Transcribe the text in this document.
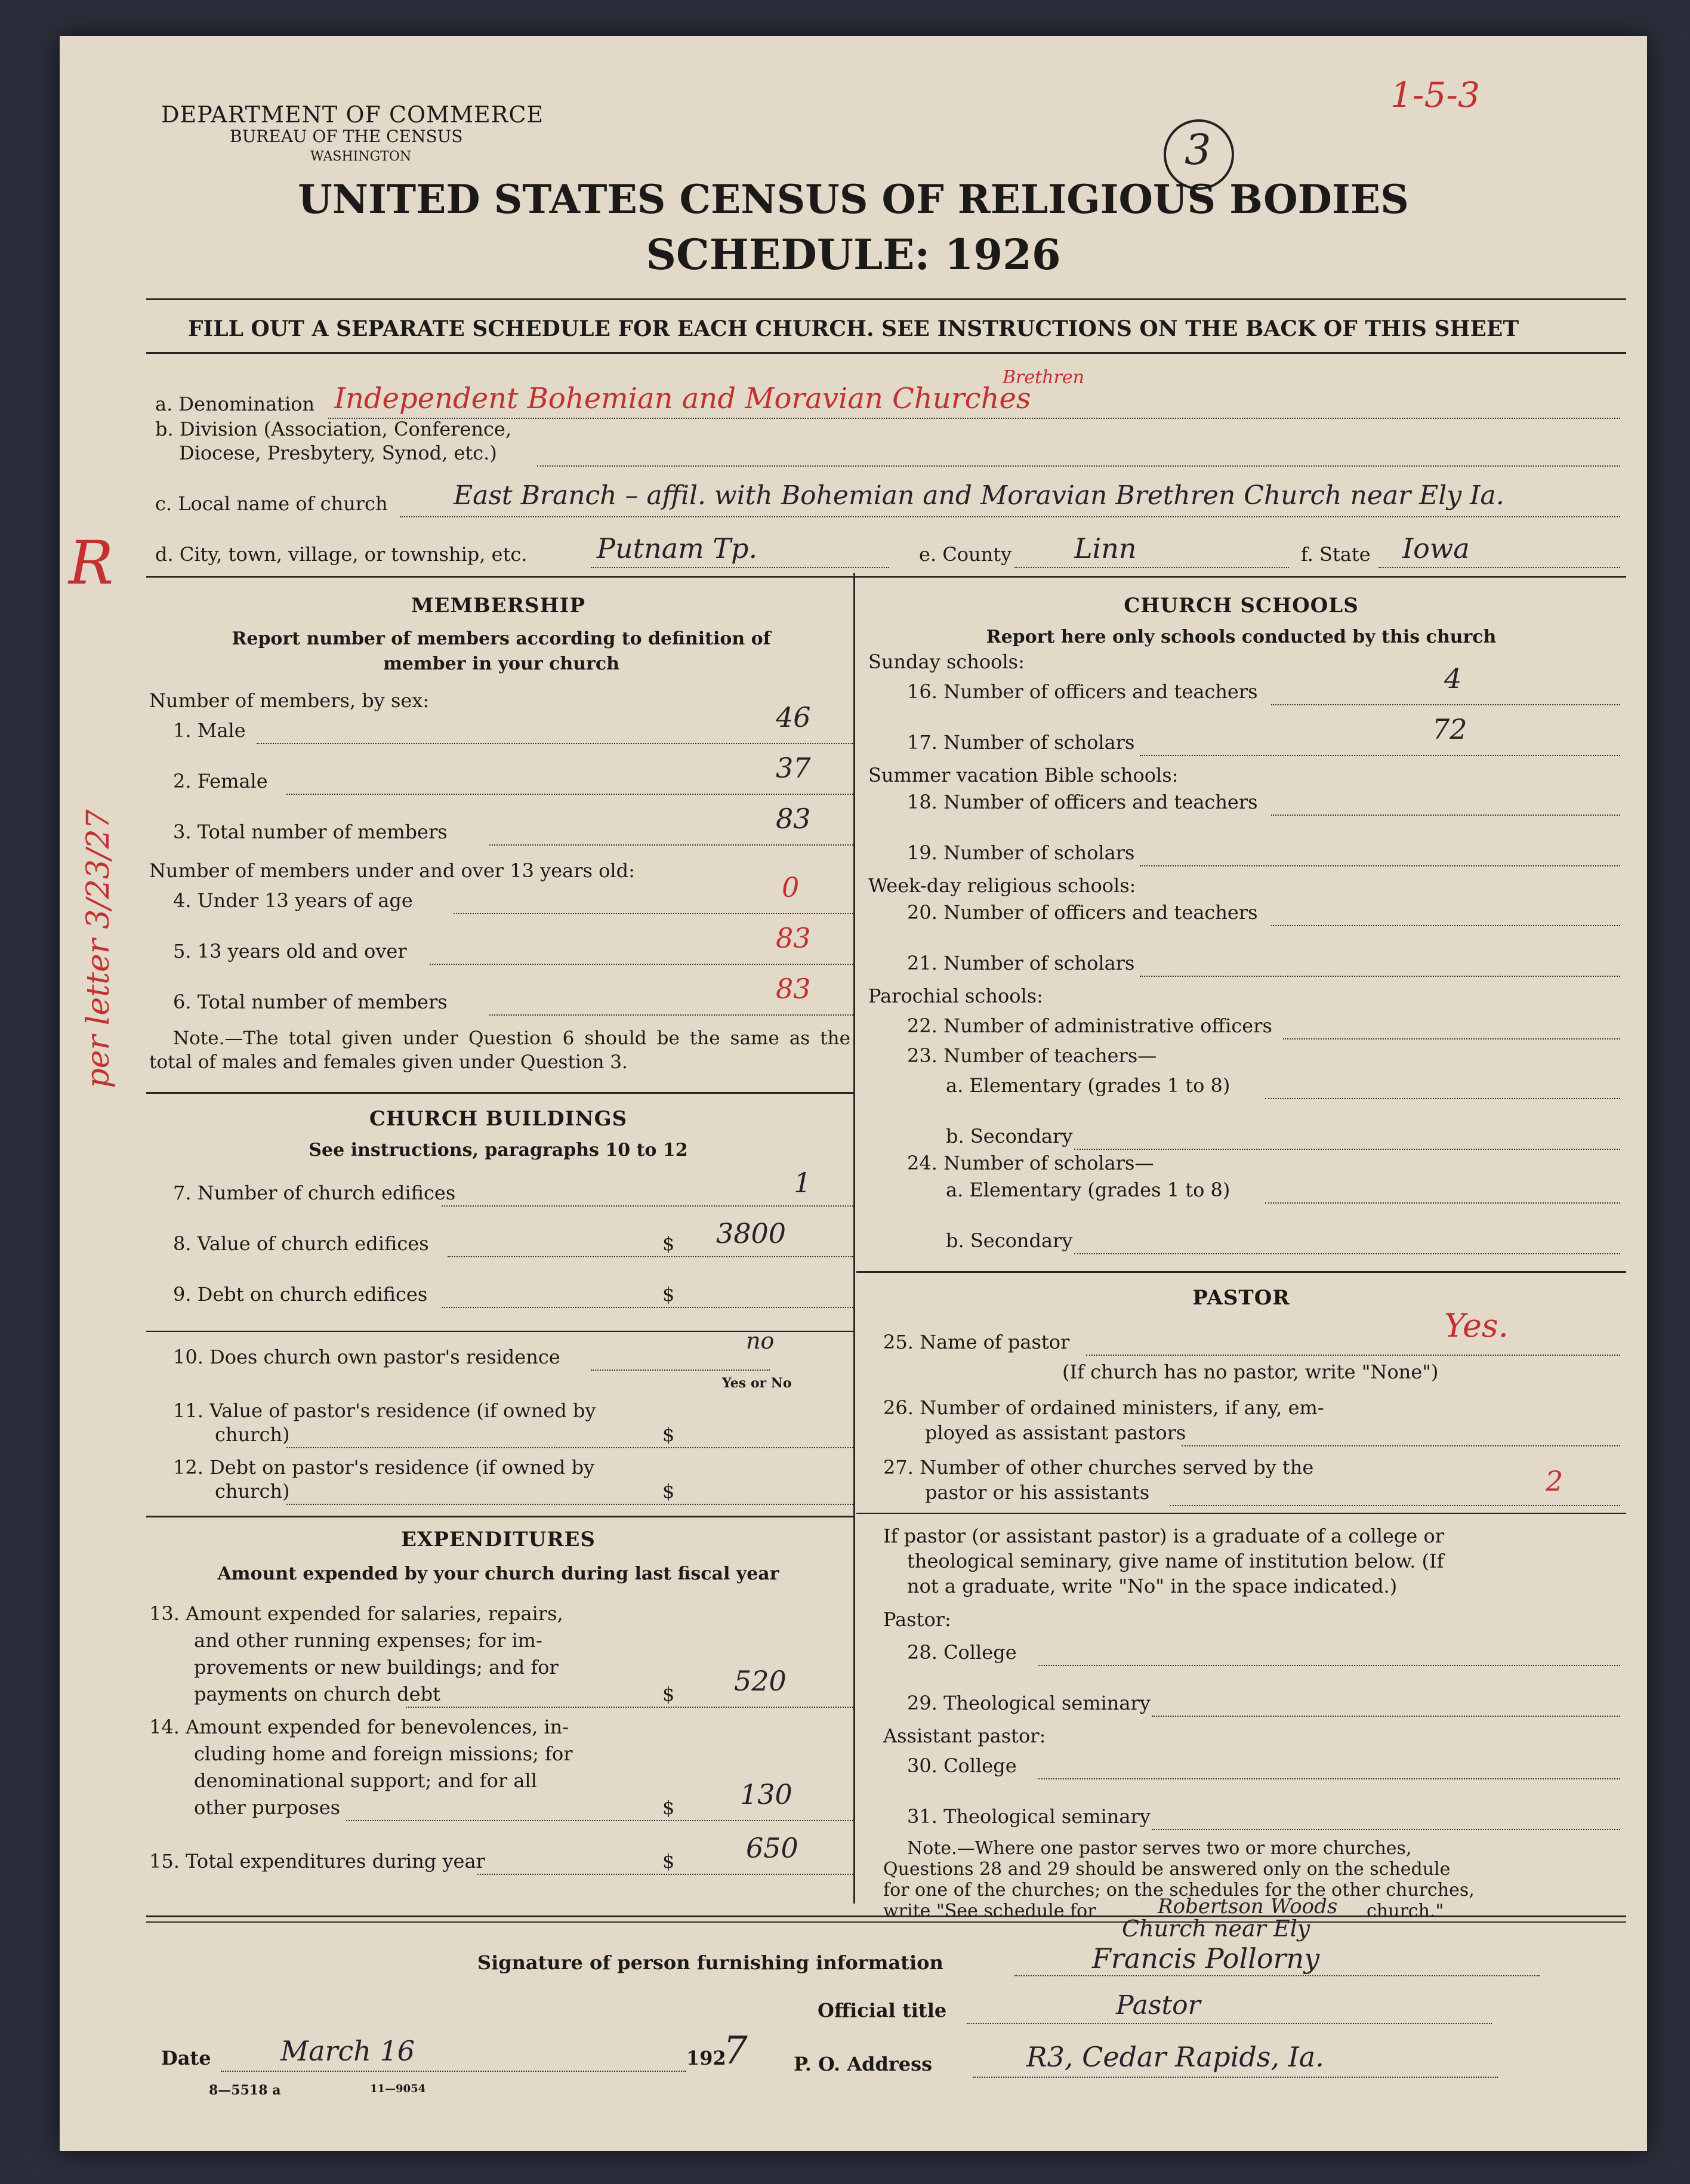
DEPARTMENT OF COMMERCE
BUREAU OF THE CENSUS
WASHINGTON
1-5-3
3
UNITED STATES CENSUS OF RELIGIOUS BODIES
SCHEDULE: 1926
FILL OUT A SEPARATE SCHEDULE FOR EACH CHURCH. SEE INSTRUCTIONS ON THE BACK OF THIS SHEET
a. Denomination Independent Bohemian and Moravian Churches
Brethren
b. Division (Association, Conference,
Diocese, Presbytery, Synod, etc.)
c. Local name of church	East Branch – affil. with Bohemian and Moravian Brethren Church near Ely Ia.
R d. City, town, village, or township, etc.	Putnam Tp.	e. County Linn	f. State Iowa
per letter 3/23/27
MEMBERSHIP
Report number of members according to definition of member in your church
Number of members, by sex:
1. Male	46
2. Female	37
3. Total number of members	83
Number of members under and over 13 years old:
4. Under 13 years of age	0
5. 13 years old and over	83
6. Total number of members	83
Note.—The total given under Question 6 should be the same as the total of males and females given under Question 3.
CHURCH BUILDINGS
See instructions, paragraphs 10 to 12
7. Number of church edifices	1
8. Value of church edifices	$ 3800
9. Debt on church edifices	$
10. Does church own pastor's residence
no
Yes or No
11. Value of pastor's residence (if owned by
church)	$
12. Debt on pastor's residence (if owned by
church)	$
EXPENDITURES
Amount expended by your church during last fiscal year
13. Amount expended for salaries, repairs,
and other running expenses; for im-
provements or new buildings; and for
payments on church debt	$ 520
14. Amount expended for benevolences, in-
cluding home and foreign missions; for
denominational support; and for all
other purposes	$ 130
15. Total expenditures during year	$	650
CHURCH SCHOOLS
Report here only schools conducted by this church
Sunday schools:
16. Number of officers and teachers	4
17. Number of scholars	72
Summer vacation Bible schools:
18. Number of officers and teachers
19. Number of scholars
Week-day religious schools:
20. Number of officers and teachers
21. Number of scholars
Parochial schools:
22. Number of administrative officers
23. Number of teachers—
a. Elementary (grades 1 to 8)
b. Secondary
24. Number of scholars—
a. Elementary (grades 1 to 8)
b. Secondary
PASTOR
25. Name of pastor	Yes.
(If church has no pastor, write "None")
26. Number of ordained ministers, if any, em-
ployed as assistant pastors
27. Number of other churches served by the
pastor or his assistants	2
If pastor (or assistant pastor) is a graduate of a college or
theological seminary, give name of institution below. (If
not a graduate, write "No" in the space indicated.)
Pastor:
28. College
29. Theological seminary
Assistant pastor:
30. College
31. Theological seminary
Note.—Where one pastor serves two or more churches,
Questions 28 and 29 should be answered only on the schedule
for one of the churches; on the schedules for the other churches,
write "See schedule for	Robertson Woods church."
Church near Ely
Signature of person furnishing information	Francis Pollorny
Official title	Pastor
Date	March 16	192
7 P. O. Address	R3, Cedar Rapids, Ia.
8—5518 a	11—9054
